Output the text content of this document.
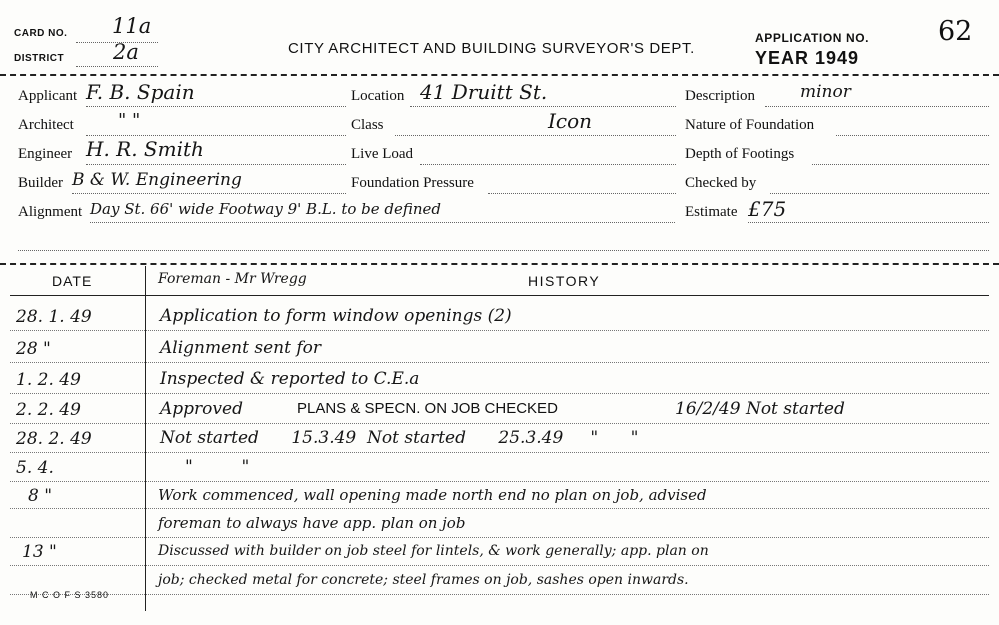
CARD NO. 11a
DISTRICT 2a	CITY ARCHITECT AND BUILDING SURVEYOR'S DEPT.
APPLICATION NO.	62
YEAR 1949
Applicant F. B. Spain
Architect " "
Engineer H. R. Smith
Builder B & W. Engineering
Alignment Day St. 66' wide Footway 9' B.L. to be defined
Location 41 Druitt St.
Class	Icon
Live Load
Foundation Pressure
Description	minor
Nature of Foundation
Depth of Footings
Checked by
Estimate £75
DATE	Foreman - Mr Wregg	HISTORY
28. 1. 49	Application to form window openings (2)
28 "	Alignment sent for
1. 2. 49	Inspected & reported to C.E.a
2. 2. 49	Approved	PLANS & SPECN. ON JOB CHECKED	16/2/49 Not started
28. 2. 49	Not started      15.3.49  Not started      25.3.49     "      "
5. 4.	"         "
8 "	Work commenced, wall opening made north end no plan on job, advised
foreman to always have app. plan on job
13 "	Discussed with builder on job steel for lintels, & work generally; app. plan on
job; checked metal for concrete; steel frames on job, sashes open inwards.
M C O F S 3580
